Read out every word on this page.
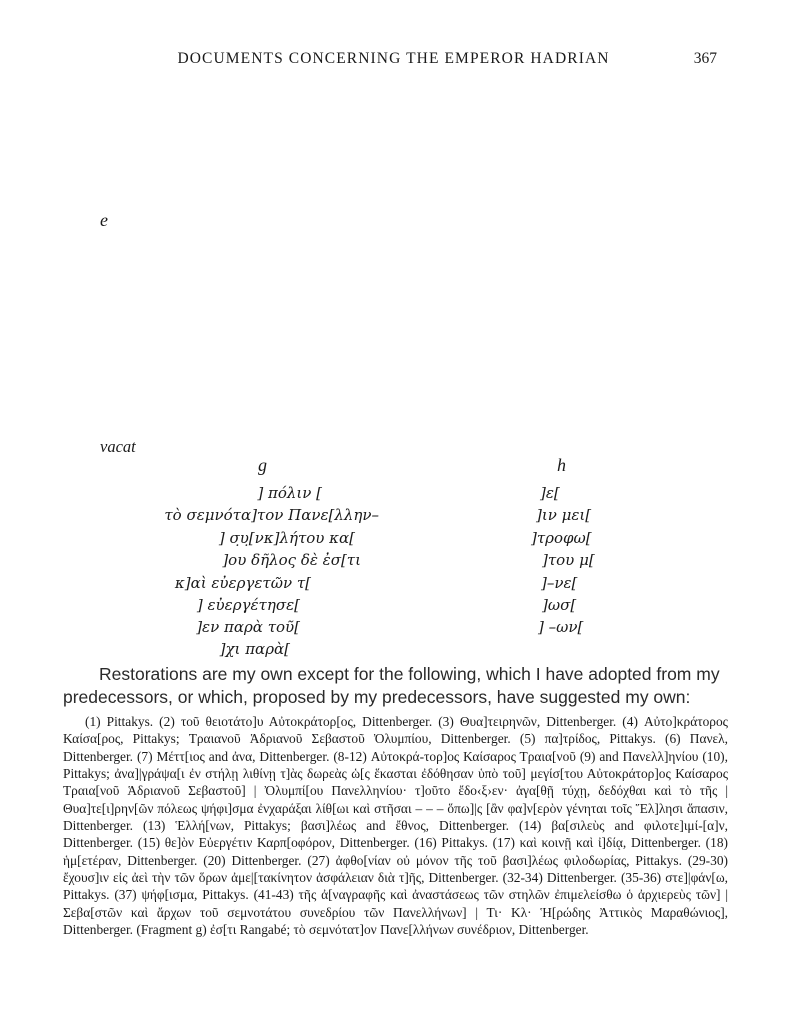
DOCUMENTS CONCERNING THE EMPEROR HADRIAN	367
e
vacat
g	h
] πόλιν [
τὸ σεμνότα]τον Πανε[λλην–
] σ̣υ̣[νκ]λήτου κα[
]ου δῆλος δὲ ἐσ[τι
κ]αὶ εὐεργετῶν τ[
] εὐεργέτησε[
]εν παρὰ τοῦ[
]χι παρὰ[
]ε[
]ιν μει[
]τροφω[
]του μ[
]–νε[
]ωσ[
] –ων[
Restorations are my own except for the following, which I have adopted from my predecessors, or which, proposed by my predecessors, have suggested my own:
(1) Pittakys. (2) τοῦ θειοτάτο]υ Αὐτοκράτορ[ος, Dittenberger. (3) Θυα]τειρηνῶν, Dittenberger. (4) Αὐτο]κράτορος Καίσα[ρος, Pittakys; Τραιανοῦ Ἁδριανοῦ Σεβαστοῦ Ὀλυμπίου, Dittenberger. (5) πα]τρίδος, Pittakys. (6) Πανελ, Dittenberger. (7) Μέττ[ιος and ἀνα, Dittenberger. (8-12) Αὐτοκρά-τορ]ος Καίσαρος Τραια[νοῦ (9) and Πανελλ]ηνίου (10), Pittakys; ἀνα]|γράψα[ι ἐν στήλῃ λιθίνῃ τ]ὰς δωρεὰς ὡ[ς ἕκασται ἐδόθησαν ὑπὸ τοῦ] μεγίσ[του Αὐτοκράτορ]ος Καίσαρος Τραια[νοῦ Ἁδριανοῦ Σεβαστοῦ] | Ὀλυμπί[ου Πανελληνίου· τ]οῦτο ἔδο‹ξ›εν· ἀγα[θῇ τύχῃ, δεδόχθαι καὶ τὸ τῆς | Θυα]τε[ι]ρην[ῶν πόλεως ψήφι]σμα ἐνχαράξαι λίθ[ωι καὶ στῆσαι – – – ὅπω]|ς [ἂν φα]ν[ερὸν γένηται τοῖς Ἕλ]λησι ἅπασιν, Dittenberger. (13) Ἑλλή[νων, Pittakys; βασι]λέως and ἔθνος, Dittenberger. (14) βα[σιλεὺς and φιλοτε]ιμί-[α]ν, Dittenberger. (15) θε]ὸν Εὐεργέτιν Καρπ[οφόρον, Dittenberger. (16) Pittakys. (17) καὶ κοινῇ καὶ ἰ]δίᾳ, Dittenberger. (18) ἡμ[ετέραν, Dittenberger. (20) Dittenberger. (27) ἀφθο[νίαν οὐ μόνον τῆς τοῦ βασι]λέως φιλοδωρίας, Pittakys. (29-30) ἔχουσ]ιν εἰς ἀεὶ τὴν τῶν ὅρων ἀμε|[τακίνητον ἀσφάλειαν διὰ τ]ῆς, Dittenberger. (32-34) Dittenberger. (35-36) στε]|φάν[ω, Pittakys. (37) ψήφ[ισμα, Pittakys. (41-43) τῆς ἀ[ναγραφῆς καὶ ἀναστάσεως τῶν στηλῶν ἐπιμελείσθω ὁ ἀρχιερεὺς τῶν] | Σεβα[στῶν καὶ ἄρχων τοῦ σεμνοτάτου συνεδρίου τῶν Πανελλήνων] | Τι· Κλ· Ἡ[ρώδης Ἀττικὸς Μαραθώνιος], Dittenberger. (Fragment g) ἐσ[τι Rangabé; τὸ σεμνότατ]ον Πανε[λλήνων συνέδριον, Dittenberger.
